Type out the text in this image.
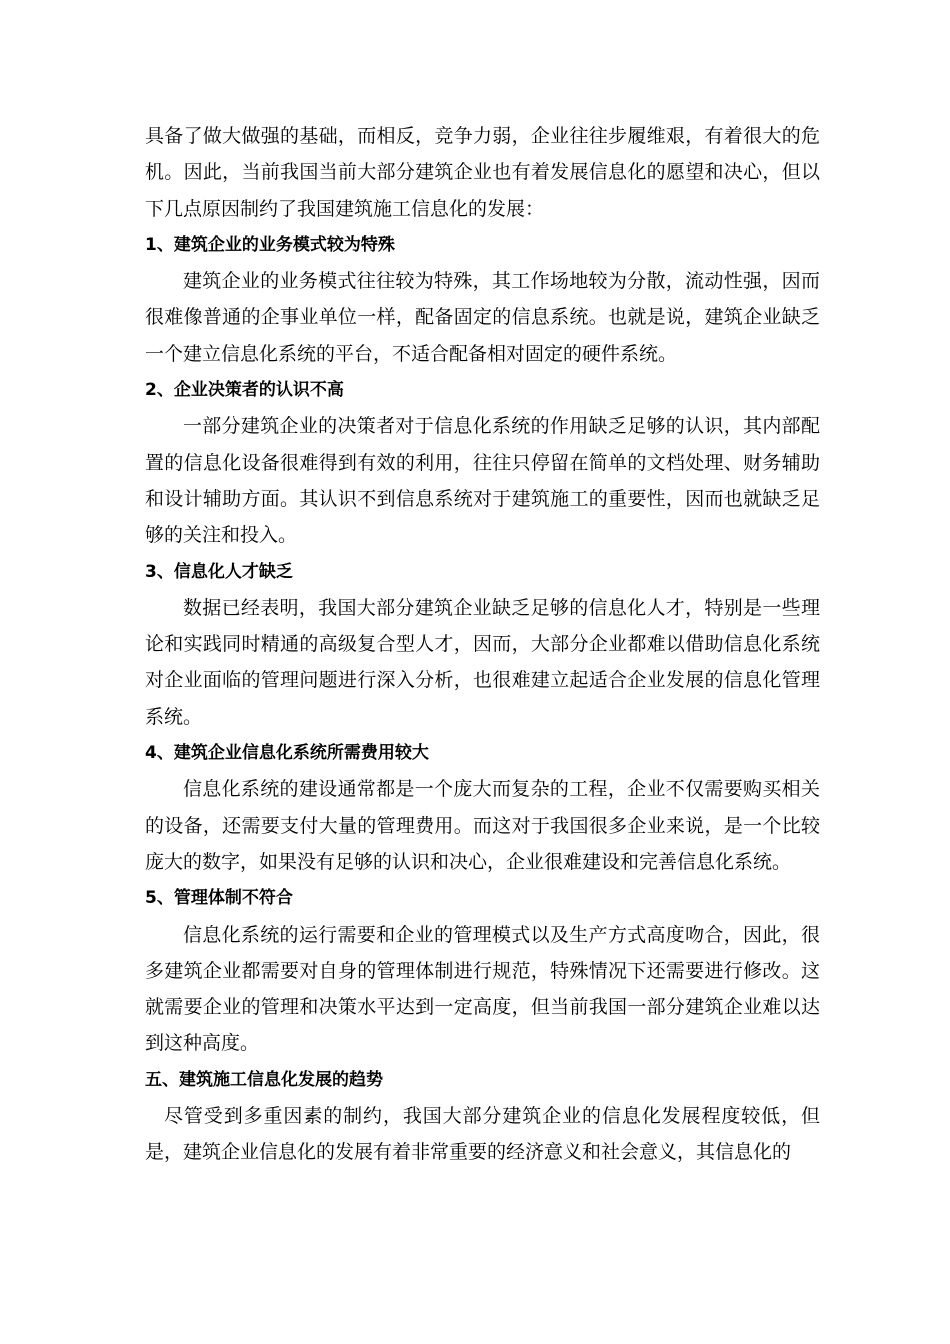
具备了做大做强的基础，而相反，竞争力弱，企业往往步履维艰，有着很大的危机。因此，当前我国当前大部分建筑企业也有着发展信息化的愿望和决心，但以下几点原因制约了我国建筑施工信息化的发展：

1、建筑企业的业务模式较为特殊

建筑企业的业务模式往往较为特殊，其工作场地较为分散，流动性强，因而很难像普通的企事业单位一样，配备固定的信息系统。也就是说，建筑企业缺乏一个建立信息化系统的平台，不适合配备相对固定的硬件系统。

2、企业决策者的认识不高

一部分建筑企业的决策者对于信息化系统的作用缺乏足够的认识，其内部配置的信息化设备很难得到有效的利用，往往只停留在简单的文档处理、财务辅助和设计辅助方面。其认识不到信息系统对于建筑施工的重要性，因而也就缺乏足够的关注和投入。

3、信息化人才缺乏

数据已经表明，我国大部分建筑企业缺乏足够的信息化人才，特别是一些理论和实践同时精通的高级复合型人才，因而，大部分企业都难以借助信息化系统对企业面临的管理问题进行深入分析，也很难建立起适合企业发展的信息化管理系统。

4、建筑企业信息化系统所需费用较大

信息化系统的建设通常都是一个庞大而复杂的工程，企业不仅需要购买相关的设备，还需要支付大量的管理费用。而这对于我国很多企业来说，是一个比较庞大的数字，如果没有足够的认识和决心，企业很难建设和完善信息化系统。

5、管理体制不符合

信息化系统的运行需要和企业的管理模式以及生产方式高度吻合，因此，很多建筑企业都需要对自身的管理体制进行规范，特殊情况下还需要进行修改。这就需要企业的管理和决策水平达到一定高度，但当前我国一部分建筑企业难以达到这种高度。

五、建筑施工信息化发展的趋势

尽管受到多重因素的制约，我国大部分建筑企业的信息化发展程度较低，但是，建筑企业信息化的发展有着非常重要的经济意义和社会意义，其信息化的
